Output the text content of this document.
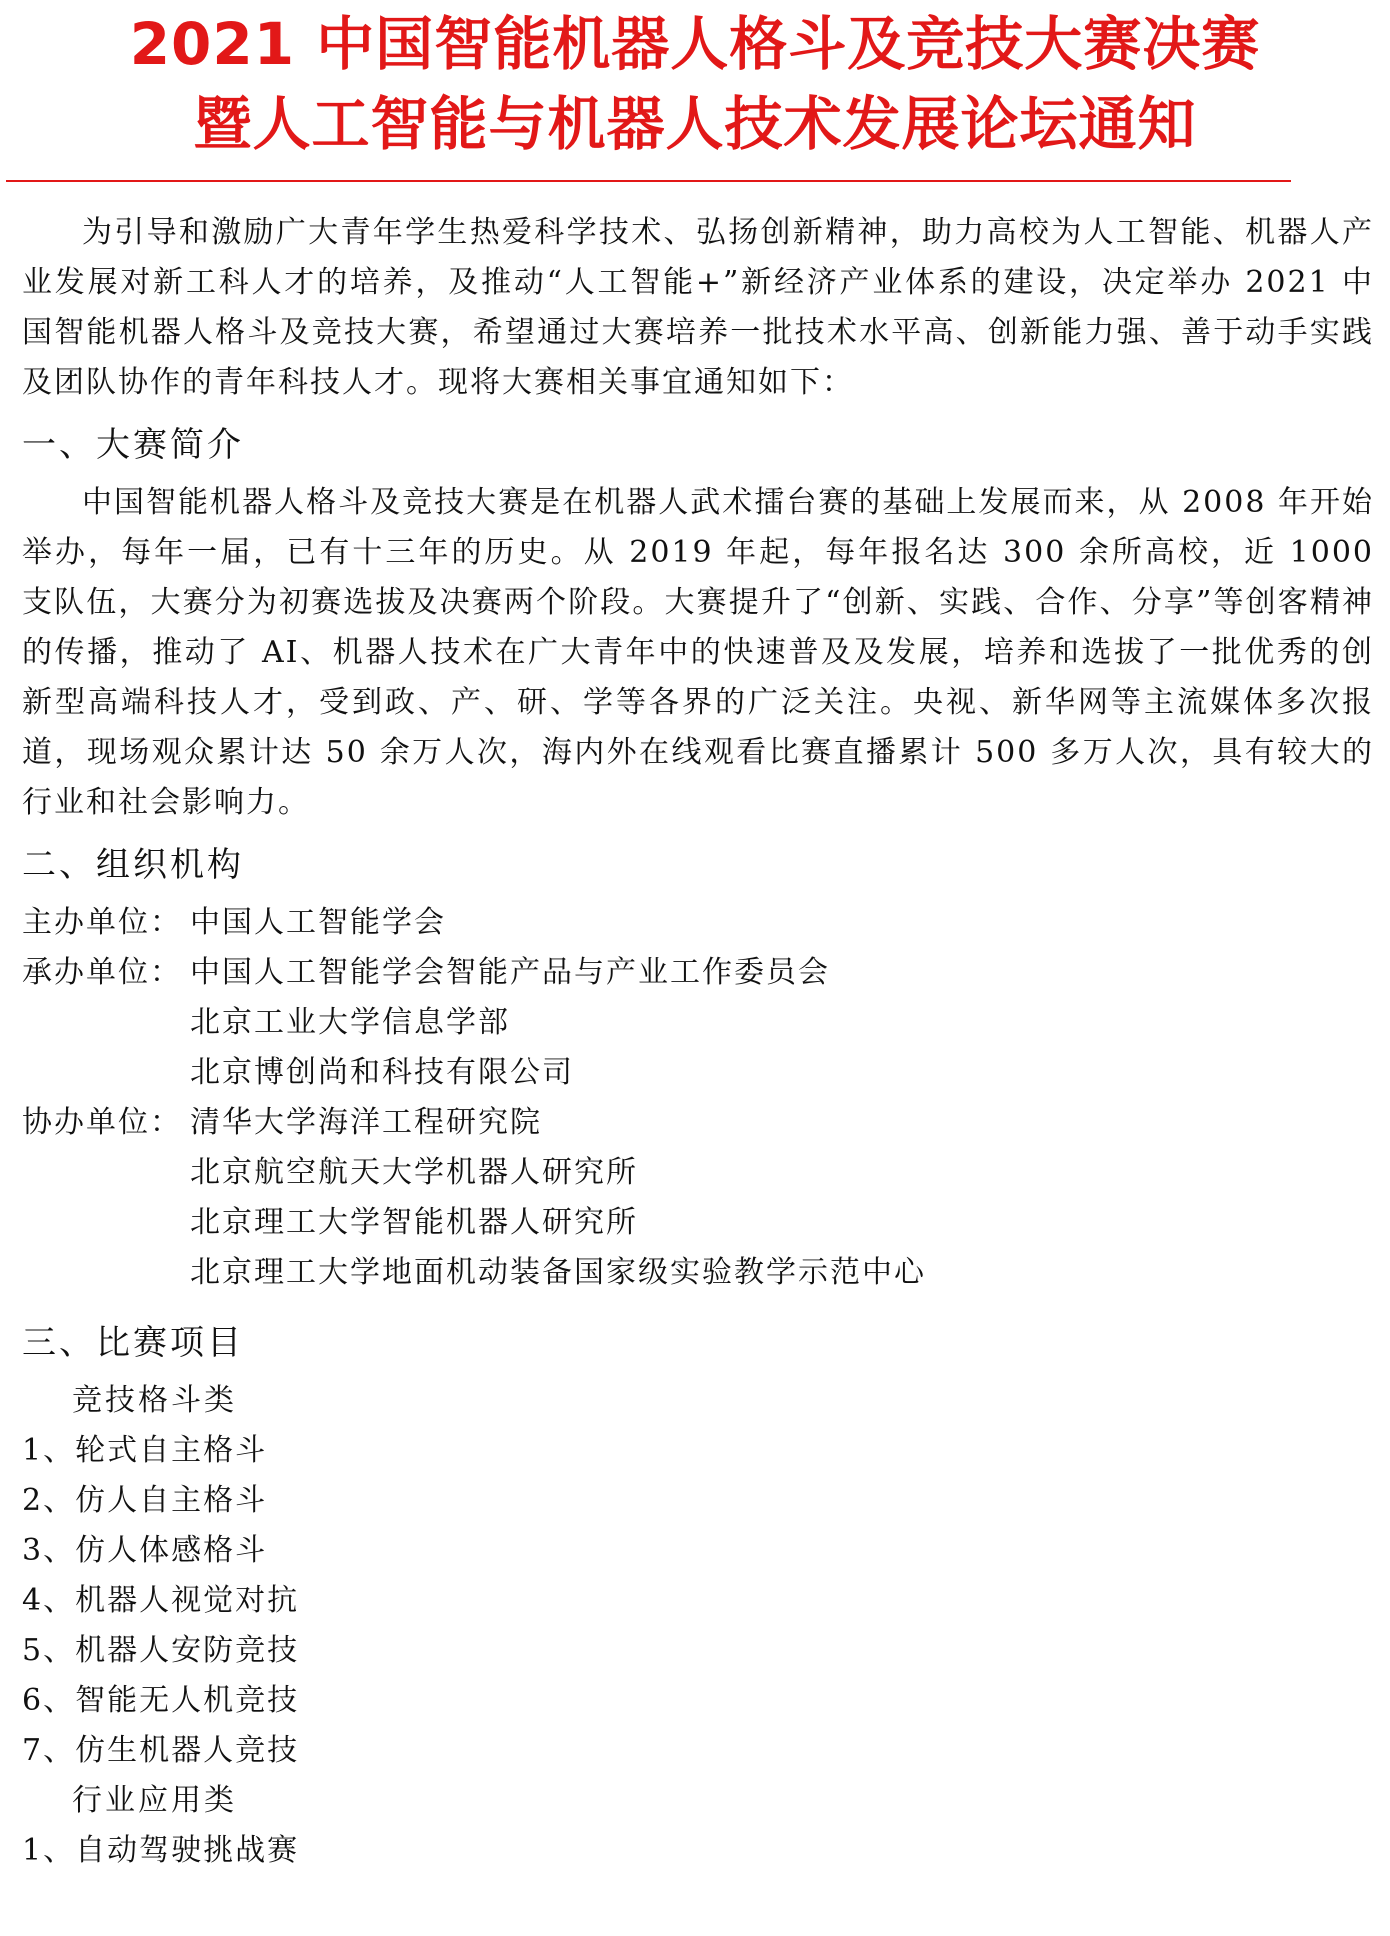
2021 中国智能机器人格斗及竞技大赛决赛
暨人工智能与机器人技术发展论坛通知

为引导和激励广大青年学生热爱科学技术、弘扬创新精神，助力高校为人工智能、机器人产业发展对新工科人才的培养，及推动“人工智能+”新经济产业体系的建设，决定举办 2021 中国智能机器人格斗及竞技大赛，希望通过大赛培养一批技术水平高、创新能力强、善于动手实践及团队协作的青年科技人才。现将大赛相关事宜通知如下：

一、大赛简介

中国智能机器人格斗及竞技大赛是在机器人武术擂台赛的基础上发展而来，从 2008 年开始举办，每年一届，已有十三年的历史。从 2019 年起，每年报名达 300 余所高校，近 1000 支队伍，大赛分为初赛选拔及决赛两个阶段。大赛提升了“创新、实践、合作、分享”等创客精神的传播，推动了 AI、机器人技术在广大青年中的快速普及及发展，培养和选拔了一批优秀的创新型高端科技人才，受到政、产、研、学等各界的广泛关注。央视、新华网等主流媒体多次报道，现场观众累计达 50 余万人次，海内外在线观看比赛直播累计 500 多万人次，具有较大的行业和社会影响力。

二、组织机构
主办单位： 中国人工智能学会
承办单位： 中国人工智能学会智能产品与产业工作委员会
北京工业大学信息学部
北京博创尚和科技有限公司
协办单位： 清华大学海洋工程研究院
北京航空航天大学机器人研究所
北京理工大学智能机器人研究所
北京理工大学地面机动装备国家级实验教学示范中心
三、比赛项目
竞技格斗类
1、轮式自主格斗
2、仿人自主格斗
3、仿人体感格斗
4、机器人视觉对抗
5、机器人安防竞技
6、智能无人机竞技
7、仿生机器人竞技
行业应用类
1、自动驾驶挑战赛
